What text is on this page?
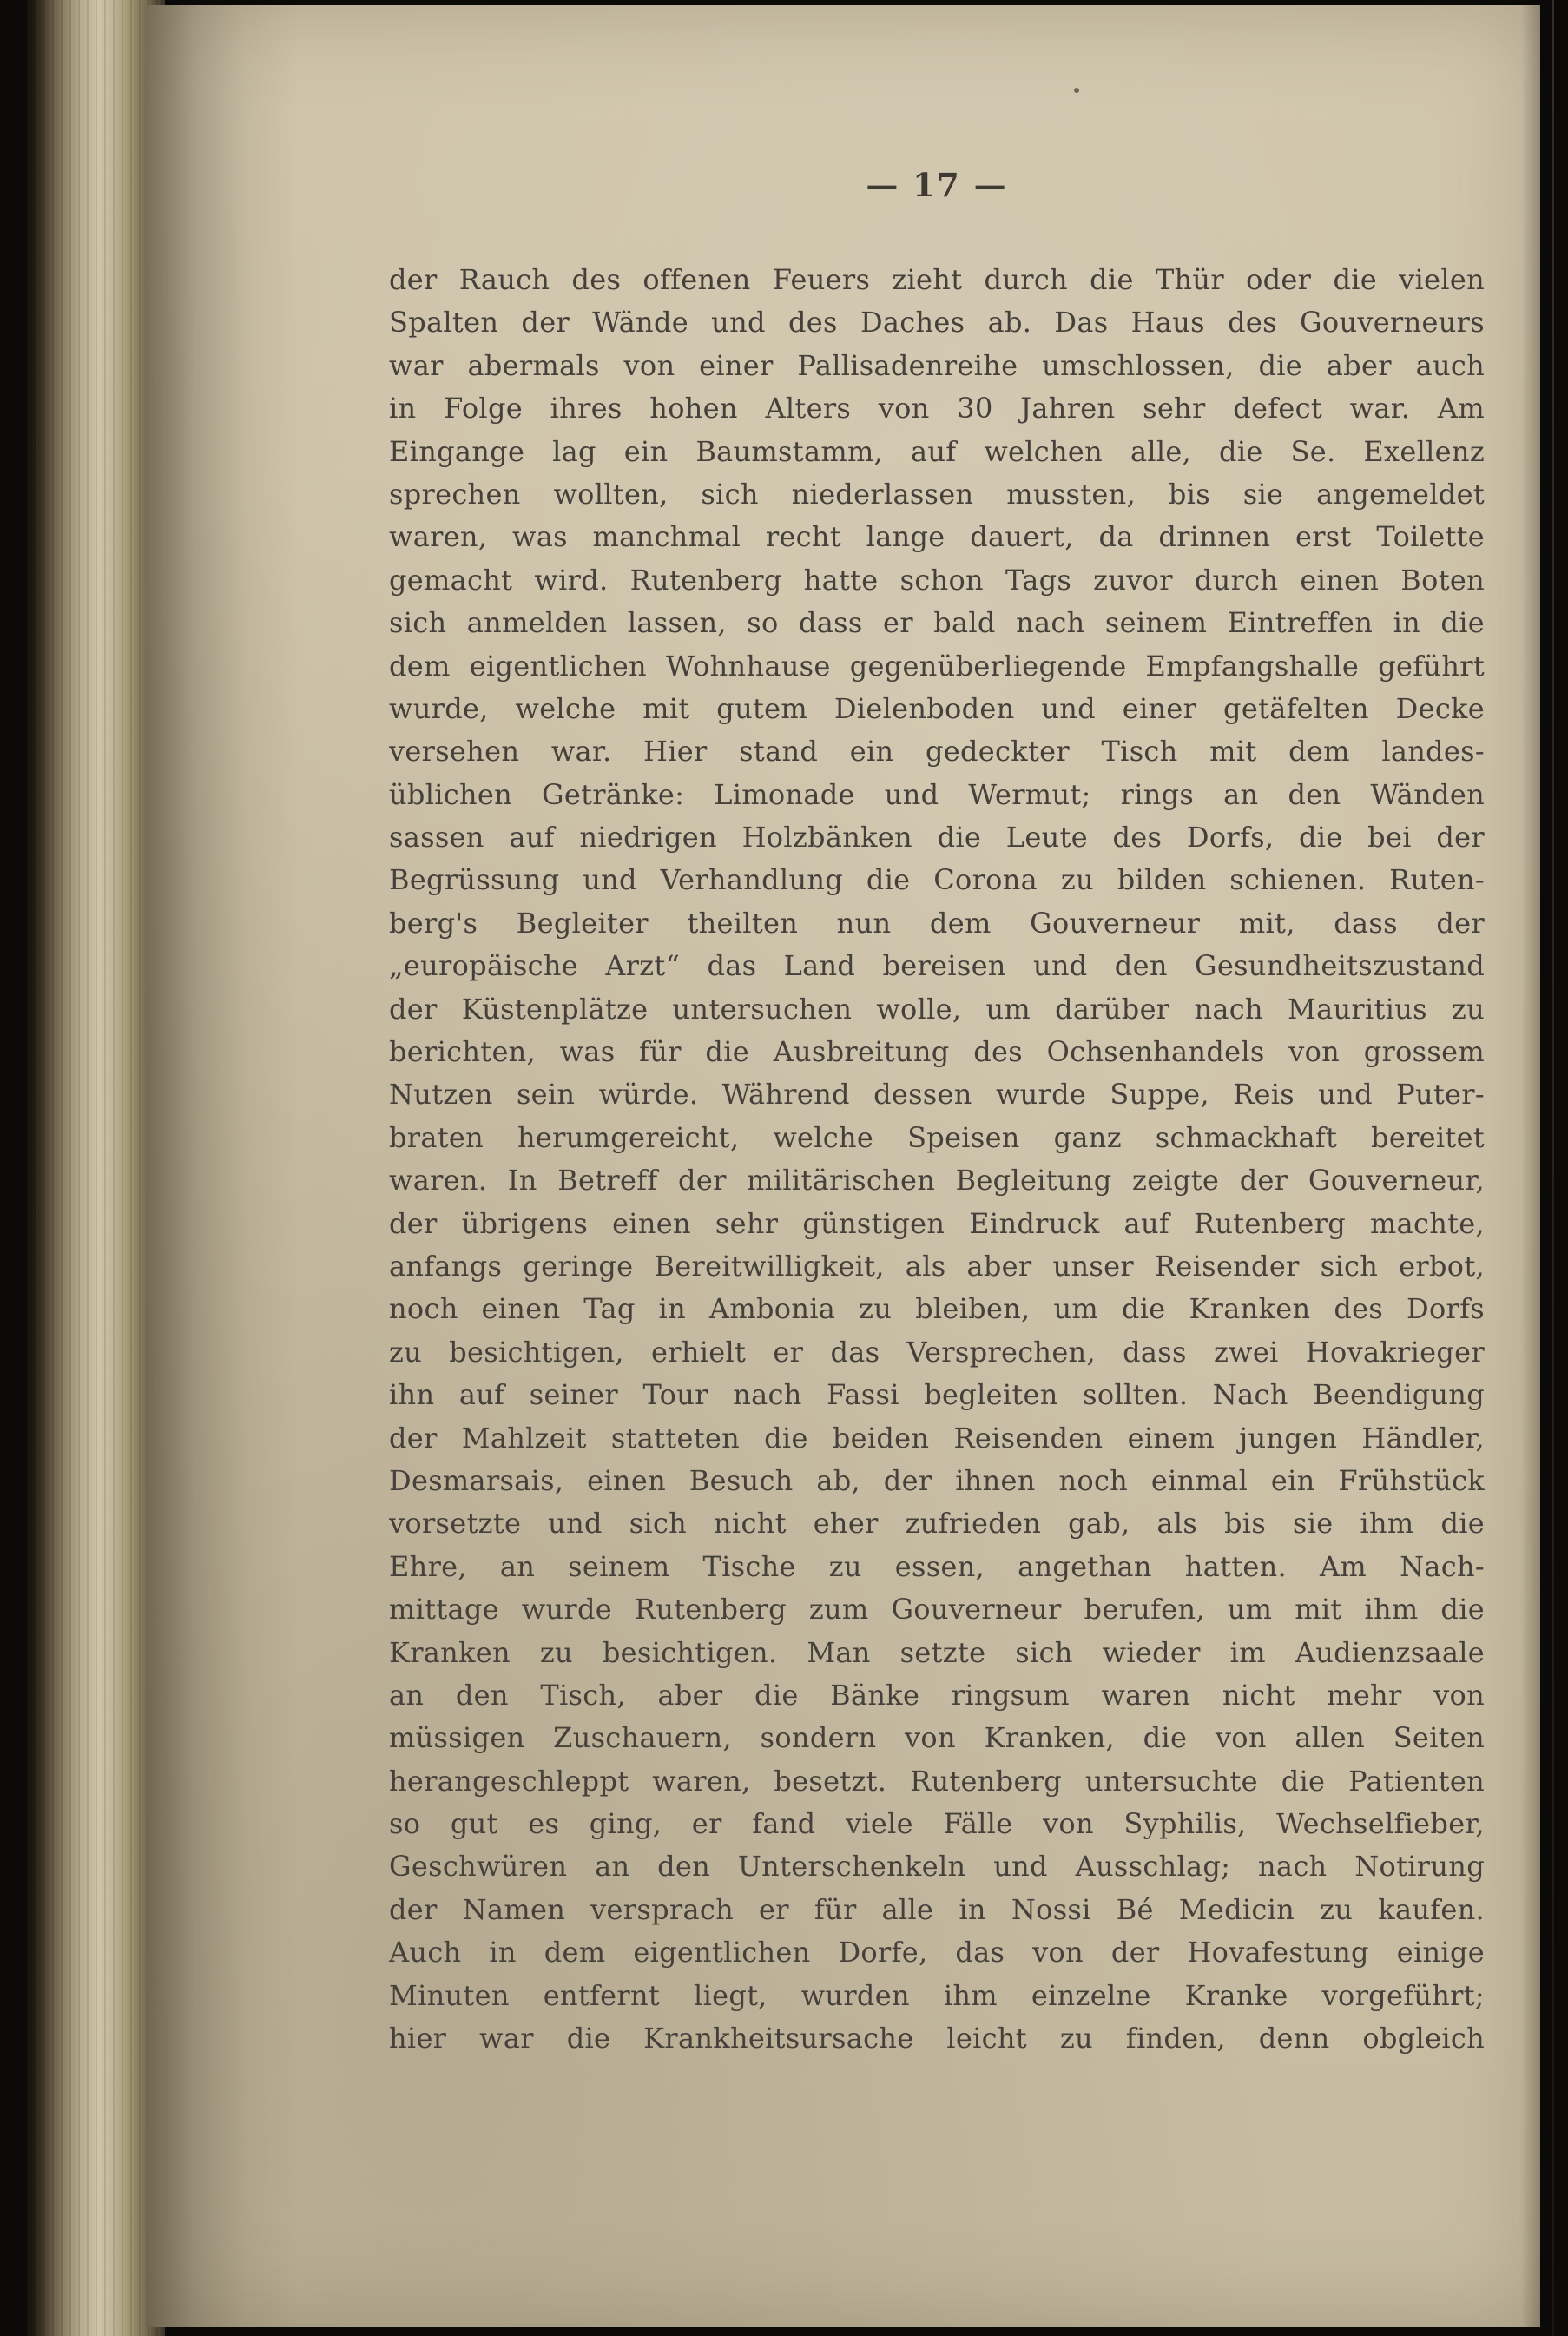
— 17 —
der Rauch des offenen Feuers zieht durch die Thür oder die vielen
Spalten der Wände und des Daches ab. Das Haus des Gouverneurs
war abermals von einer Pallisadenreihe umschlossen, die aber auch
in Folge ihres hohen Alters von 30 Jahren sehr defect war. Am
Eingange lag ein Baumstamm, auf welchen alle, die Se. Exellenz
sprechen wollten, sich niederlassen mussten, bis sie angemeldet
waren, was manchmal recht lange dauert, da drinnen erst Toilette
gemacht wird. Rutenberg hatte schon Tags zuvor durch einen Boten
sich anmelden lassen, so dass er bald nach seinem Eintreffen in die
dem eigentlichen Wohnhause gegenüberliegende Empfangshalle geführt
wurde, welche mit gutem Dielenboden und einer getäfelten Decke
versehen war. Hier stand ein gedeckter Tisch mit dem landes-
üblichen Getränke: Limonade und Wermut; rings an den Wänden
sassen auf niedrigen Holzbänken die Leute des Dorfs, die bei der
Begrüssung und Verhandlung die Corona zu bilden schienen. Ruten-
berg's Begleiter theilten nun dem Gouverneur mit, dass der
„europäische Arzt“ das Land bereisen und den Gesundheitszustand
der Küstenplätze untersuchen wolle, um darüber nach Mauritius zu
berichten, was für die Ausbreitung des Ochsenhandels von grossem
Nutzen sein würde. Während dessen wurde Suppe, Reis und Puter-
braten herumgereicht, welche Speisen ganz schmackhaft bereitet
waren. In Betreff der militärischen Begleitung zeigte der Gouverneur,
der übrigens einen sehr günstigen Eindruck auf Rutenberg machte,
anfangs geringe Bereitwilligkeit, als aber unser Reisender sich erbot,
noch einen Tag in Ambonia zu bleiben, um die Kranken des Dorfs
zu besichtigen, erhielt er das Versprechen, dass zwei Hovakrieger
ihn auf seiner Tour nach Fassi begleiten sollten. Nach Beendigung
der Mahlzeit statteten die beiden Reisenden einem jungen Händler,
Desmarsais, einen Besuch ab, der ihnen noch einmal ein Frühstück
vorsetzte und sich nicht eher zufrieden gab, als bis sie ihm die
Ehre, an seinem Tische zu essen, angethan hatten. Am Nach-
mittage wurde Rutenberg zum Gouverneur berufen, um mit ihm die
Kranken zu besichtigen. Man setzte sich wieder im Audienzsaale
an den Tisch, aber die Bänke ringsum waren nicht mehr von
müssigen Zuschauern, sondern von Kranken, die von allen Seiten
herangeschleppt waren, besetzt. Rutenberg untersuchte die Patienten
so gut es ging, er fand viele Fälle von Syphilis, Wechselfieber,
Geschwüren an den Unterschenkeln und Ausschlag; nach Notirung
der Namen versprach er für alle in Nossi Bé Medicin zu kaufen.
Auch in dem eigentlichen Dorfe, das von der Hovafestung einige
Minuten entfernt liegt, wurden ihm einzelne Kranke vorgeführt;
hier war die Krankheitsursache leicht zu finden, denn obgleich
